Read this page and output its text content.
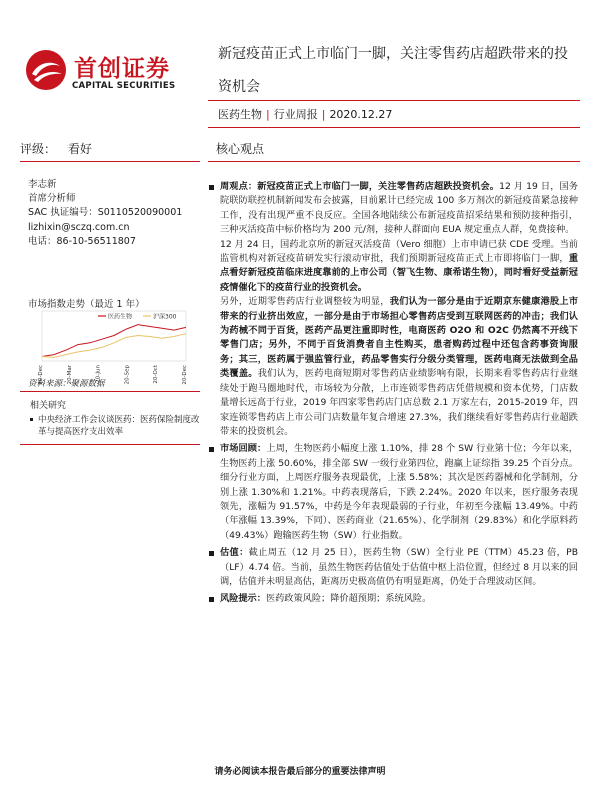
首创证券
CAPITAL SECURITIES
新冠疫苗正式上市临门一脚，关注零售药店超跌带来的投资机会
医药生物 | 行业周报 | 2020.12.27
评级： 看好
李志新
首席分析师
SAC 执证编号：S0110520090001
lizhixin@sczq.com.cn
电话：86-10-56511807
市场指数走势（最近 1 年）
医药生物	沪深300
20-Dec	20-Mar	20-Jun	20-Sep	20-Oct	20-Dec
资料来源：聚源数据
相关研究
中央经济工作会议谈医药：医药保险制度改革与提高医疗支出效率
核心观点
周观点：新冠疫苗正式上市临门一脚，关注零售药店超跌投资机会。12 月 19 日，国务院联防联控机制新闻发布会披露，目前累计已经完成 100 多万剂次的新冠疫苗紧急接种工作，没有出现严重不良反应。全国各地陆续公布新冠疫苗招采结果和预防接种指引，三种灭活疫苗中标价格均为 200 元/剂，接种人群面向 EUA 规定重点人群，免费接种。
12 月 24 日，国药北京所的新冠灭活疫苗（Vero 细胞）上市申请已获 CDE 受理。当前监管机构对新冠疫苗研发实行滚动审批，我们预期新冠疫苗正式上市即将临门一脚，重点看好新冠疫苗临床进度靠前的上市公司（智飞生物、康希诺生物），同时看好受益新冠疫情催化下的疫苗行业的投资机会。
另外，近期零售药店行业调整较为明显，我们认为一部分是由于近期京东健康港股上市带来的行业挤出效应，一部分是由于市场担心零售药店受到互联网医药的冲击；我们认为药械不同于百货，医药产品更注重即时性，电商医药 O2O 和 O2C 仍然离不开线下零售门店；另外，不同于百货消费者自主性购买，患者购药过程中还包含药事资询服务；其三，医药属于强监管行业，药品零售实行分级分类管理，医药电商无法做到全品类覆盖。我们认为，医药电商短期对零售药店业绩影响有限，长期来看零售药店行业继续处于跑马圈地时代，市场较为分散，上市连锁零售药店凭借规模和资本优势，门店数量增长远高于行业，2019 年四家零售药店门店总数 2.1 万家左右，2015-2019 年，四家连锁零售药店上市公司门店数量年复合增速 27.3%，我们继续看好零售药店行业超跌带来的投资机会。
市场回顾：上周，生物医药小幅度上涨 1.10%，排 28 个 SW 行业第十位；今年以来，生物医药上涨 50.60%，排全部 SW 一级行业第四位，跑赢上证综指 39.25 个百分点。细分行业方面，上周医疗服务表现最优，上涨 5.58%；其次是医药器械和化学制剂，分别上涨 1.30%和 1.21%。中药表现落后，下跌 2.24%。2020 年以来，医疗服务表现领先，涨幅为 91.57%，中药是今年表现最弱的子行业，年初至今涨幅 13.49%。中药（年涨幅 13.39%，下同）、医药商业（21.65%）、化学制剂（29.83%）和化学原料药（49.43%）跑输医药生物（SW）行业指数。
估值：截止周五（12 月 25 日），医药生物（SW）全行业 PE（TTM）45.23 倍，PB（LF）4.74 倍。当前，虽然生物医药估值处于估值中枢上沿位置，但经过 8 月以来的回调，估值并未明显高估，距离历史极高值仍有明显距离，仍处于合理波动区间。
风险提示：医药政策风险；降价超预期；系统风险。
请务必阅读本报告最后部分的重要法律声明
